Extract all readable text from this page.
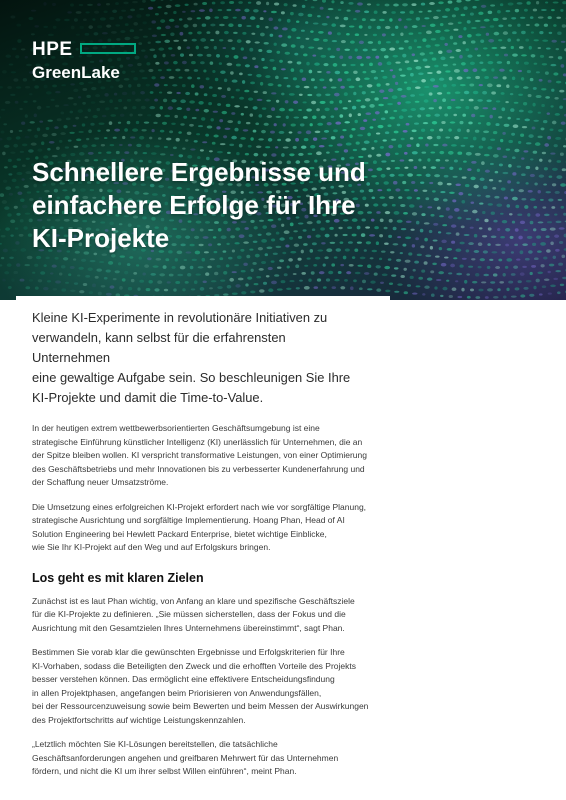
HPE
GreenLake
Schnellere Ergebnisse und
einfachere Erfolge für Ihre
KI-Projekte

Kleine KI-Experimente in revolutionäre Initiativen zu
verwandeln, kann selbst für die erfahrensten Unternehmen
eine gewaltige Aufgabe sein. So beschleunigen Sie Ihre
KI-Projekte und damit die Time-to-Value.

In der heutigen extrem wettbewerbsorientierten Geschäftsumgebung ist eine
strategische Einführung künstlicher Intelligenz (KI) unerlässlich für Unternehmen, die an
der Spitze bleiben wollen. KI verspricht transformative Leistungen, von einer Optimierung
des Geschäftsbetriebs und mehr Innovationen bis zu verbesserter Kundenerfahrung und
der Schaffung neuer Umsatzströme.

Die Umsetzung eines erfolgreichen KI-Projekt erfordert nach wie vor sorgfältige Planung,
strategische Ausrichtung und sorgfältige Implementierung. Hoang Phan, Head of AI
Solution Engineering bei Hewlett Packard Enterprise, bietet wichtige Einblicke,
wie Sie Ihr KI-Projekt auf den Weg und auf Erfolgskurs bringen.

Los geht es mit klaren Zielen

Zunächst ist es laut Phan wichtig, von Anfang an klare und spezifische Geschäftsziele
für die KI-Projekte zu definieren. „Sie müssen sicherstellen, dass der Fokus und die
Ausrichtung mit den Gesamtzielen Ihres Unternehmens übereinstimmt“, sagt Phan.

Bestimmen Sie vorab klar die gewünschten Ergebnisse und Erfolgskriterien für Ihre
KI-Vorhaben, sodass die Beteiligten den Zweck und die erhofften Vorteile des Projekts
besser verstehen können. Das ermöglicht eine effektivere Entscheidungsfindung
in allen Projektphasen, angefangen beim Priorisieren von Anwendungsfällen,
bei der Ressourcenzuweisung sowie beim Bewerten und beim Messen der Auswirkungen
des Projektfortschritts auf wichtige Leistungskennzahlen.

„Letztlich möchten Sie KI-Lösungen bereitstellen, die tatsächliche
Geschäftsanforderungen angehen und greifbaren Mehrwert für das Unternehmen
fördern, und nicht die KI um ihrer selbst Willen einführen“, meint Phan.
